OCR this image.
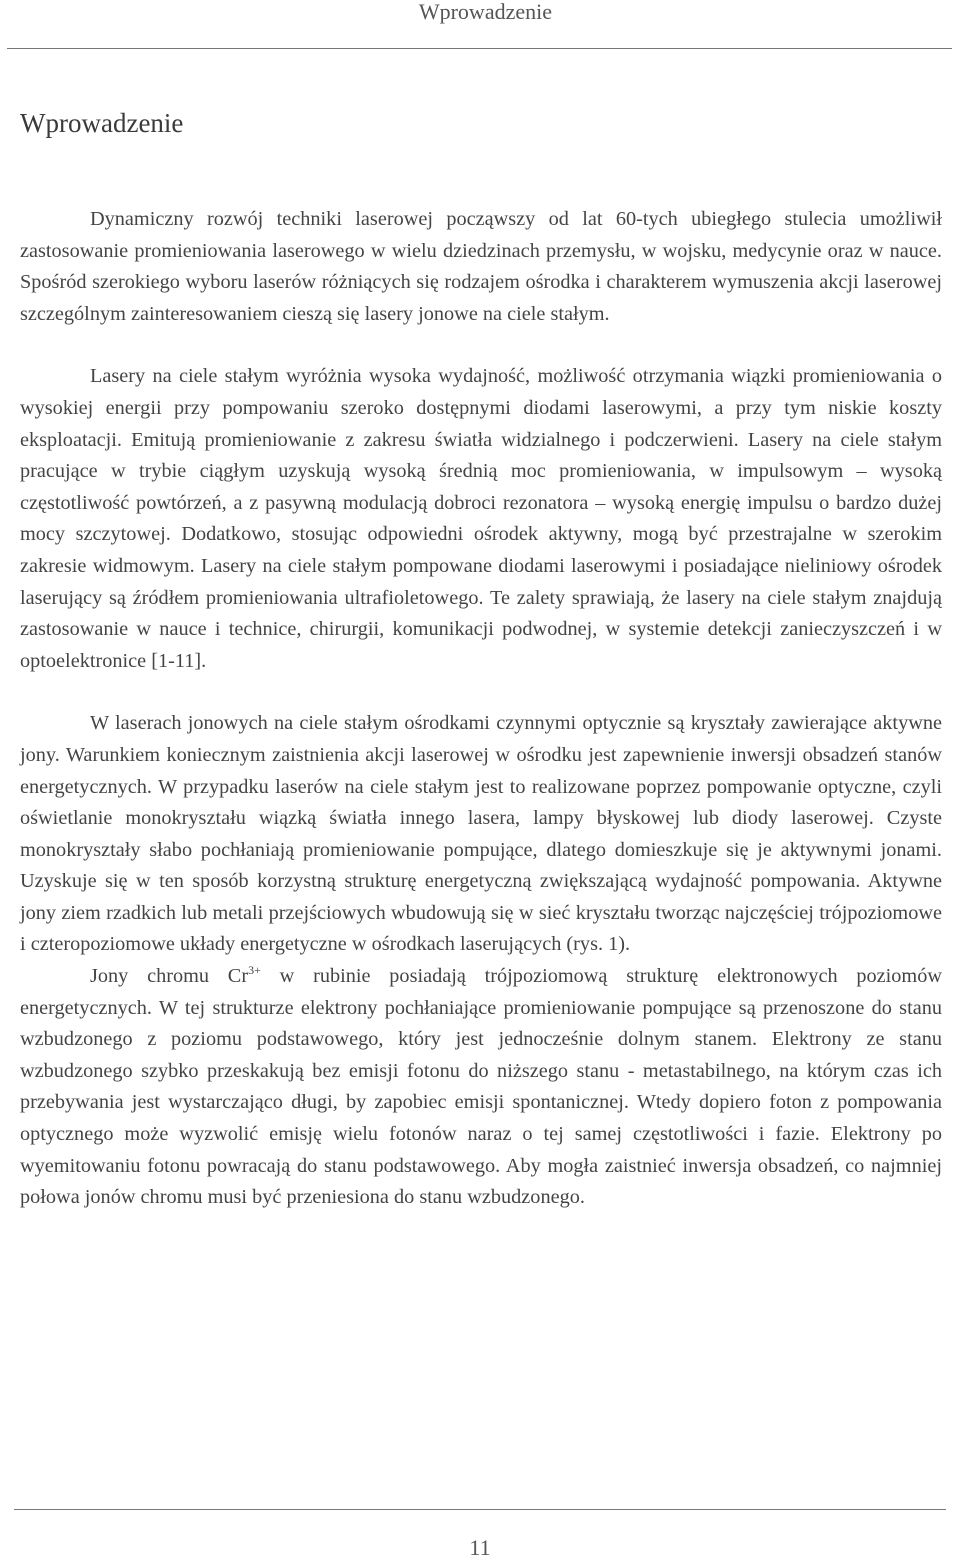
Wprowadzenie
Wprowadzenie

Dynamiczny rozwój techniki laserowej począwszy od lat 60-tych ubiegłego stulecia umożliwił zastosowanie promieniowania laserowego w wielu dziedzinach przemysłu, w wojsku, medycynie oraz w nauce. Spośród szerokiego wyboru laserów różniących się rodzajem ośrodka i charakterem wymuszenia akcji laserowej szczególnym zainteresowaniem cieszą się lasery jonowe na ciele stałym.

Lasery na ciele stałym wyróżnia wysoka wydajność, możliwość otrzymania wiązki promieniowania o wysokiej energii przy pompowaniu szeroko dostępnymi diodami laserowymi, a przy tym niskie koszty eksploatacji. Emitują promieniowanie z zakresu światła widzialnego i podczerwieni. Lasery na ciele stałym pracujące w trybie ciągłym uzyskują wysoką średnią moc promieniowania, w impulsowym – wysoką częstotliwość powtórzeń, a z pasywną modulacją dobroci rezonatora – wysoką energię impulsu o bardzo dużej mocy szczytowej. Dodatkowo, stosując odpowiedni ośrodek aktywny, mogą być przestrajalne w szerokim zakresie widmowym. Lasery na ciele stałym pompowane diodami laserowymi i posiadające nieliniowy ośrodek laserujący są źródłem promieniowania ultrafioletowego. Te zalety sprawiają, że lasery na ciele stałym znajdują zastosowanie w nauce i technice, chirurgii, komunikacji podwodnej, w systemie detekcji zanieczyszczeń i w optoelektronice [1-11].

W laserach jonowych na ciele stałym ośrodkami czynnymi optycznie są kryształy zawierające aktywne jony. Warunkiem koniecznym zaistnienia akcji laserowej w ośrodku jest zapewnienie inwersji obsadzeń stanów energetycznych. W przypadku laserów na ciele stałym jest to realizowane poprzez pompowanie optyczne, czyli oświetlanie monokryształu wiązką światła innego lasera, lampy błyskowej lub diody laserowej. Czyste monokryształy słabo pochłaniają promieniowanie pompujące, dlatego domieszkuje się je aktywnymi jonami. Uzyskuje się w ten sposób korzystną strukturę energetyczną zwiększającą wydajność pompowania. Aktywne jony ziem rzadkich lub metali przejściowych wbudowują się w sieć kryształu tworząc najczęściej trójpoziomowe i czteropoziomowe układy energetyczne w ośrodkach laserujących (rys. 1).

Jony chromu $Cr^{3+}$ w rubinie posiadają trójpoziomową strukturę elektronowych poziomów energetycznych. W tej strukturze elektrony pochłaniające promieniowanie pompujące są przenoszone do stanu wzbudzonego z poziomu podstawowego, który jest jednocześnie dolnym stanem. Elektrony ze stanu wzbudzonego szybko przeskakują bez emisji fotonu do niższego stanu - metastabilnego, na którym czas ich przebywania jest wystarczająco długi, by zapobiec emisji spontanicznej. Wtedy dopiero foton z pompowania optycznego może wyzwolić emisję wielu fotonów naraz o tej samej częstotliwości i fazie. Elektrony po wyemitowaniu fotonu powracają do stanu podstawowego. Aby mogła zaistnieć inwersja obsadzeń, co najmniej połowa jonów chromu musi być przeniesiona do stanu wzbudzonego.

11
